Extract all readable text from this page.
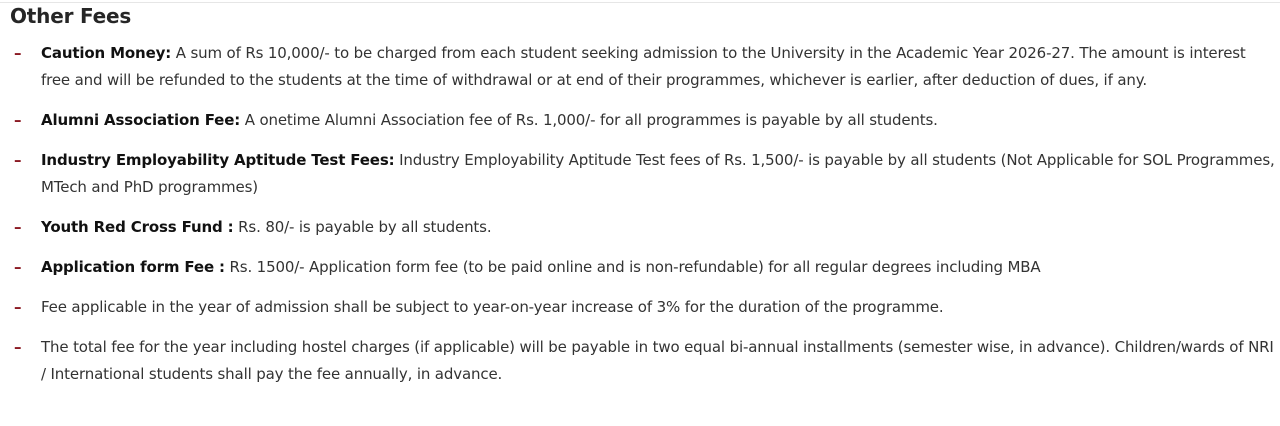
Other Fees
–	Caution Money: A sum of Rs 10,000/- to be charged from each student seeking admission to the University in the Academic Year 2026-27. The amount is interest free and will be refunded to the students at the time of withdrawal or at end of their programmes, whichever is earlier, after deduction of dues, if any.
–	Alumni Association Fee: A onetime Alumni Association fee of Rs. 1,000/- for all programmes is payable by all students.
–	Industry Employability Aptitude Test Fees: Industry Employability Aptitude Test fees of Rs. 1,500/- is payable by all students (Not Applicable for SOL Programmes, MTech and PhD programmes)
–	Youth Red Cross Fund : Rs. 80/- is payable by all students.
–	Application form Fee : Rs. 1500/- Application form fee (to be paid online and is non-refundable) for all regular degrees including MBA
–	Fee applicable in the year of admission shall be subject to year-on-year increase of 3% for the duration of the programme.
–	The total fee for the year including hostel charges (if applicable) will be payable in two equal bi-annual installments (semester wise, in advance). Children/wards of NRI / International students shall pay the fee annually, in advance.
